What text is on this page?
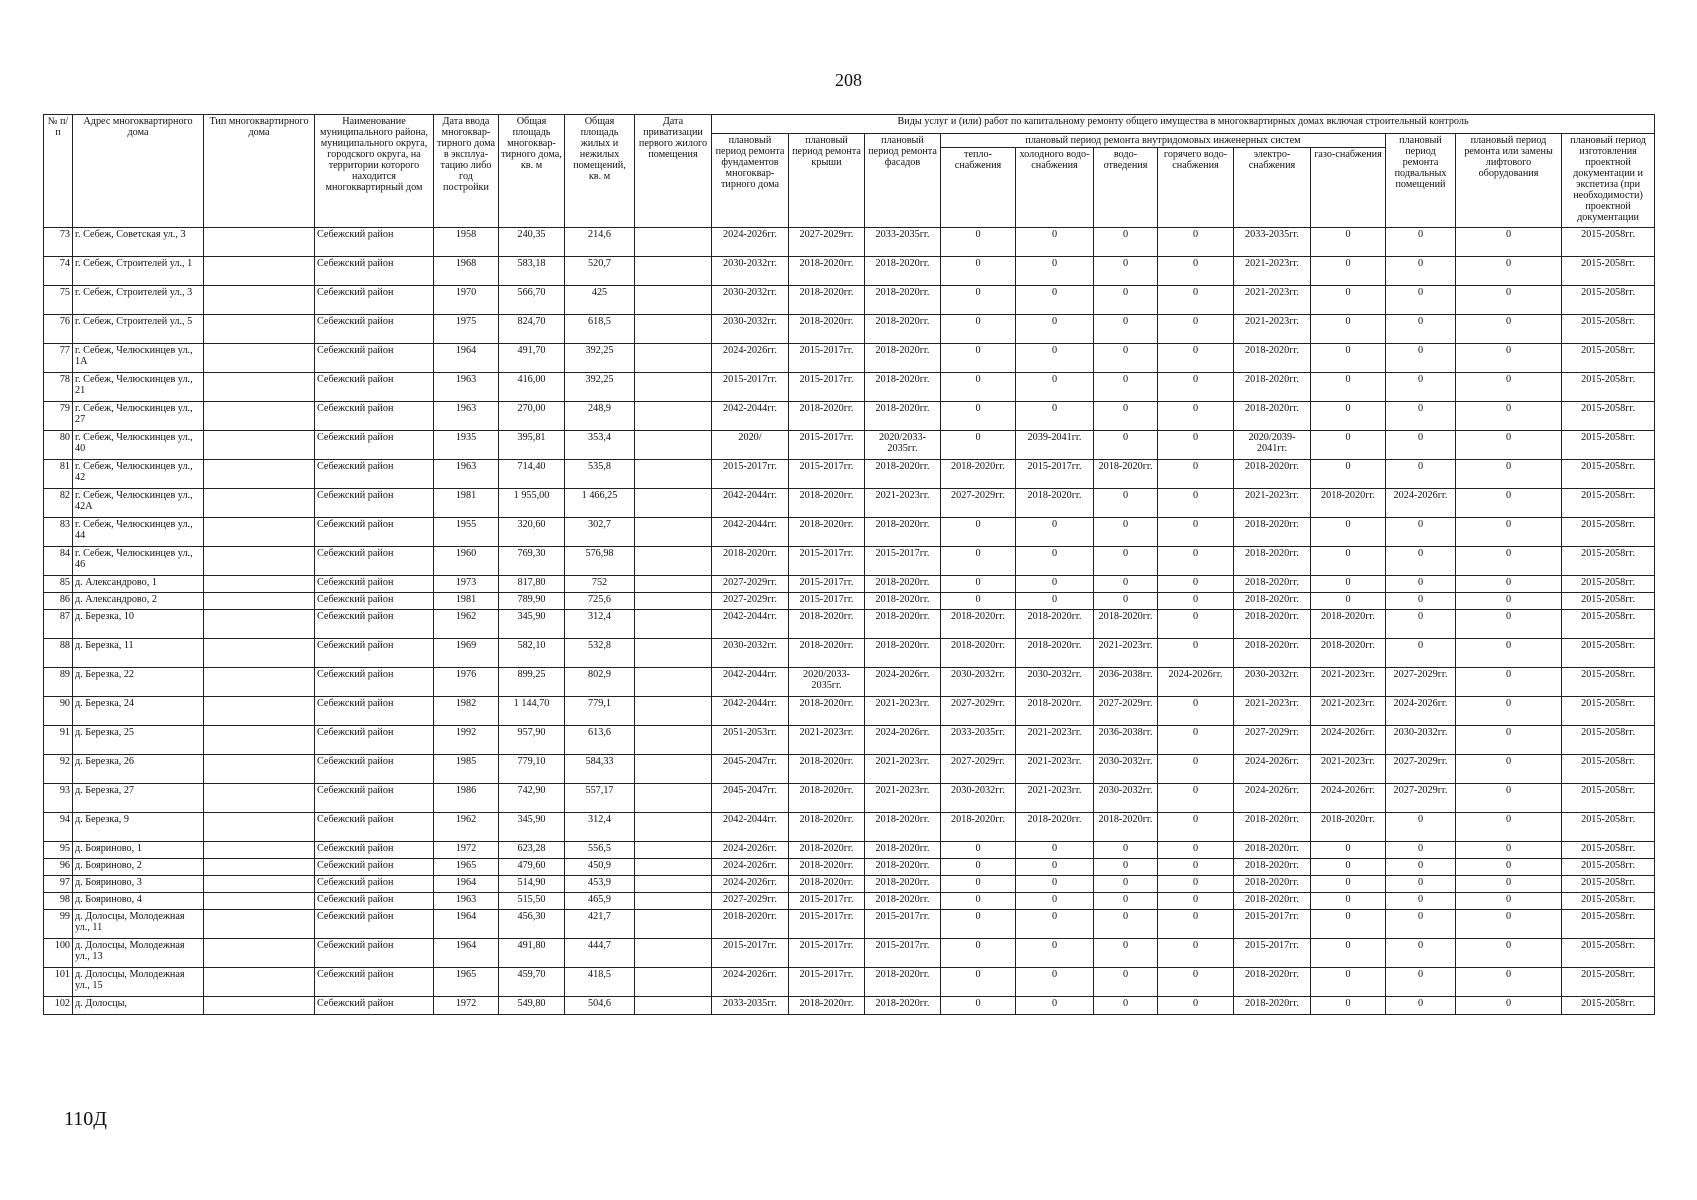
208
№ п/п	Адрес многоквартирного дома	Тип многоквартирного дома	Наименование муниципального района, муниципального округа, городского округа, на территории которого находится многоквартирный дом	Дата ввода многоквар-тирного дома в эксплуа-тацию либо год постройки	Общая площадь многоквар-тирного дома, кв. м	Общая площадь жилых и нежилых помещений, кв. м	Дата приватизации первого жилого помещения	Виды услуг и (или) работ по капитальному ремонту общего имущества в многоквартирных домах включая строительный контроль											
								плановый период ремонта фундаментов многоквар-тирного дома	плановый период ремонта крыши	плановый период ремонта фасадов	плановый период ремонта внутридомовых инженерных систем						плановый период ремонта подвальных помещений	плановый период ремонта или замены лифтового оборудования	плановый период изготовления проектной документации и экспетиза (при необходимости) проектной документации
											тепло-снабжения	холодного водо-снабжения	водо-отведения	горячего водо-снабжения	электро-снабжения	газо-снабжения			
73	г. Себеж, Советская ул., 3		Себежский район	1958	240,35	214,6		2024-2026гг.	2027-2029гг.	2033-2035гг.	0	0	0	0	2033-2035гг.	0	0	0	2015-2058гг.
74	г. Себеж, Строителей ул., 1		Себежский район	1968	583,18	520,7		2030-2032гг.	2018-2020гг.	2018-2020гг.	0	0	0	0	2021-2023гг.	0	0	0	2015-2058гг.
75	г. Себеж, Строителей ул., 3		Себежский район	1970	566,70	425		2030-2032гг.	2018-2020гг.	2018-2020гг.	0	0	0	0	2021-2023гг.	0	0	0	2015-2058гг.
76	г. Себеж, Строителей ул., 5		Себежский район	1975	824,70	618,5		2030-2032гг.	2018-2020гг.	2018-2020гг.	0	0	0	0	2021-2023гг.	0	0	0	2015-2058гг.
77	г. Себеж, Челюскинцев ул., 1А		Себежский район	1964	491,70	392,25		2024-2026гг.	2015-2017гг.	2018-2020гг.	0	0	0	0	2018-2020гг.	0	0	0	2015-2058гг.
78	г. Себеж, Челюскинцев ул., 21		Себежский район	1963	416,00	392,25		2015-2017гг.	2015-2017гг.	2018-2020гг.	0	0	0	0	2018-2020гг.	0	0	0	2015-2058гг.
79	г. Себеж, Челюскинцев ул., 27		Себежский район	1963	270,00	248,9		2042-2044гг.	2018-2020гг.	2018-2020гг.	0	0	0	0	2018-2020гг.	0	0	0	2015-2058гг.
80	г. Себеж, Челюскинцев ул., 40		Себежский район	1935	395,81	353,4		2020/	2015-2017гг.	2020/2033-2035гг.	0	2039-2041гг.	0	0	2020/2039-2041гг.	0	0	0	2015-2058гг.
81	г. Себеж, Челюскинцев ул., 42		Себежский район	1963	714,40	535,8		2015-2017гг.	2015-2017гг.	2018-2020гг.	2018-2020гг.	2015-2017гг.	2018-2020гг.	0	2018-2020гг.	0	0	0	2015-2058гг.
82	г. Себеж, Челюскинцев ул., 42А		Себежский район	1981	1 955,00	1 466,25		2042-2044гг.	2018-2020гг.	2021-2023гг.	2027-2029гг.	2018-2020гг.	0	0	2021-2023гг.	2018-2020гг.	2024-2026гг.	0	2015-2058гг.
83	г. Себеж, Челюскинцев ул., 44		Себежский район	1955	320,60	302,7		2042-2044гг.	2018-2020гг.	2018-2020гг.	0	0	0	0	2018-2020гг.	0	0	0	2015-2058гг.
84	г. Себеж, Челюскинцев ул., 46		Себежский район	1960	769,30	576,98		2018-2020гг.	2015-2017гг.	2015-2017гг.	0	0	0	0	2018-2020гг.	0	0	0	2015-2058гг.
85	д. Александрово, 1		Себежский район	1973	817,80	752		2027-2029гг.	2015-2017гг.	2018-2020гг.	0	0	0	0	2018-2020гг.	0	0	0	2015-2058гг.
86	д. Александрово, 2		Себежский район	1981	789,90	725,6		2027-2029гг.	2015-2017гг.	2018-2020гг.	0	0	0	0	2018-2020гг.	0	0	0	2015-2058гг.
87	д. Березка, 10		Себежский район	1962	345,90	312,4		2042-2044гг.	2018-2020гг.	2018-2020гг.	2018-2020гг.	2018-2020гг.	2018-2020гг.	0	2018-2020гг.	2018-2020гг.	0	0	2015-2058гг.
88	д. Березка, 11		Себежский район	1969	582,10	532,8		2030-2032гг.	2018-2020гг.	2018-2020гг.	2018-2020гг.	2018-2020гг.	2021-2023гг.	0	2018-2020гг.	2018-2020гг.	0	0	2015-2058гг.
89	д. Березка, 22		Себежский район	1976	899,25	802,9		2042-2044гг.	2020/2033-2035гг.	2024-2026гг.	2030-2032гг.	2030-2032гг.	2036-2038гг.	2024-2026гг.	2030-2032гг.	2021-2023гг.	2027-2029гг.	0	2015-2058гг.
90	д. Березка, 24		Себежский район	1982	1 144,70	779,1		2042-2044гг.	2018-2020гг.	2021-2023гг.	2027-2029гг.	2018-2020гг.	2027-2029гг.	0	2021-2023гг.	2021-2023гг.	2024-2026гг.	0	2015-2058гг.
91	д. Березка, 25		Себежский район	1992	957,90	613,6		2051-2053гг.	2021-2023гг.	2024-2026гг.	2033-2035гг.	2021-2023гг.	2036-2038гг.	0	2027-2029гг.	2024-2026гг.	2030-2032гг.	0	2015-2058гг.
92	д. Березка, 26		Себежский район	1985	779,10	584,33		2045-2047гг.	2018-2020гг.	2021-2023гг.	2027-2029гг.	2021-2023гг.	2030-2032гг.	0	2024-2026гг.	2021-2023гг.	2027-2029гг.	0	2015-2058гг.
93	д. Березка, 27		Себежский район	1986	742,90	557,17		2045-2047гг.	2018-2020гг.	2021-2023гг.	2030-2032гг.	2021-2023гг.	2030-2032гг.	0	2024-2026гг.	2024-2026гг.	2027-2029гг.	0	2015-2058гг.
94	д. Березка, 9		Себежский район	1962	345,90	312,4		2042-2044гг.	2018-2020гг.	2018-2020гг.	2018-2020гг.	2018-2020гг.	2018-2020гг.	0	2018-2020гг.	2018-2020гг.	0	0	2015-2058гг.
95	д. Бояриново, 1		Себежский район	1972	623,28	556,5		2024-2026гг.	2018-2020гг.	2018-2020гг.	0	0	0	0	2018-2020гг.	0	0	0	2015-2058гг.
96	д. Бояриново, 2		Себежский район	1965	479,60	450,9		2024-2026гг.	2018-2020гг.	2018-2020гг.	0	0	0	0	2018-2020гг.	0	0	0	2015-2058гг.
97	д. Бояриново, 3		Себежский район	1964	514,90	453,9		2024-2026гг.	2018-2020гг.	2018-2020гг.	0	0	0	0	2018-2020гг.	0	0	0	2015-2058гг.
98	д. Бояриново, 4		Себежский район	1963	515,50	465,9		2027-2029гг.	2015-2017гг.	2018-2020гг.	0	0	0	0	2018-2020гг.	0	0	0	2015-2058гг.
99	д. Долосцы, Молодежная ул., 11		Себежский район	1964	456,30	421,7		2018-2020гг.	2015-2017гг.	2015-2017гг.	0	0	0	0	2015-2017гг.	0	0	0	2015-2058гг.
100	д. Долосцы, Молодежная ул., 13		Себежский район	1964	491,80	444,7		2015-2017гг.	2015-2017гг.	2015-2017гг.	0	0	0	0	2015-2017гг.	0	0	0	2015-2058гг.
101	д. Долосцы, Молодежная ул., 15		Себежский район	1965	459,70	418,5		2024-2026гг.	2015-2017гг.	2018-2020гг.	0	0	0	0	2018-2020гг.	0	0	0	2015-2058гг.
102	д. Долосцы,		Себежский район	1972	549,80	504,6		2033-2035гг.	2018-2020гг.	2018-2020гг.	0	0	0	0	2018-2020гг.	0	0	0	2015-2058гг.
110Д
